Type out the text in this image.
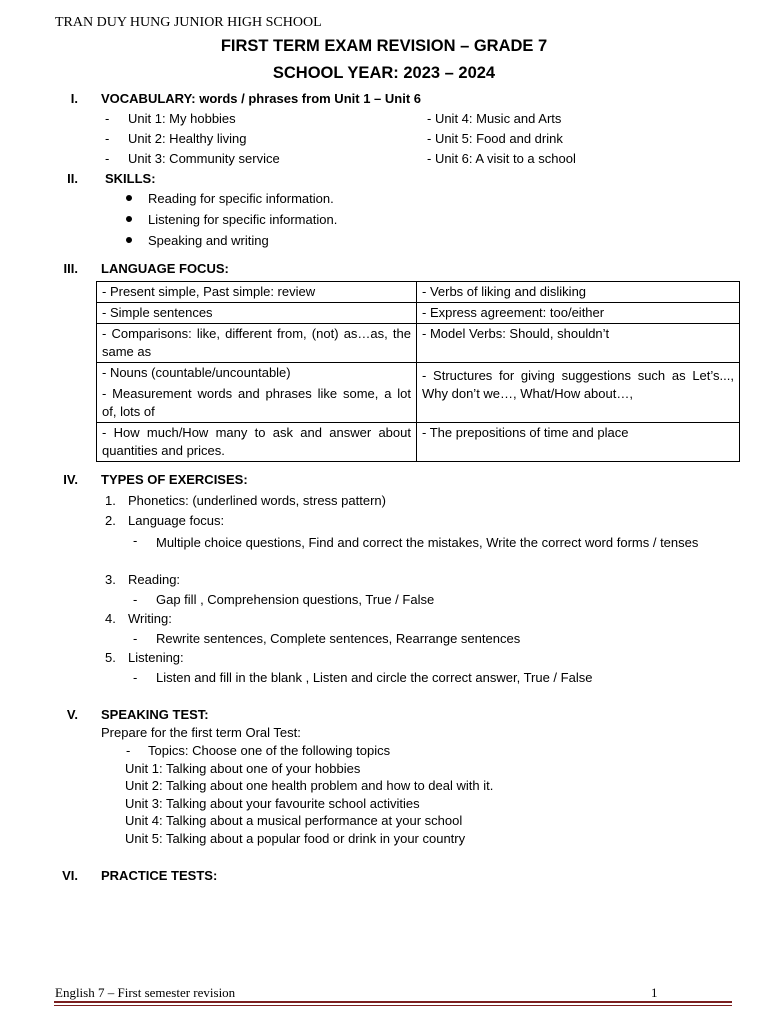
TRAN DUY HUNG JUNIOR HIGH SCHOOL
FIRST TERM EXAM REVISION – GRADE 7
SCHOOL YEAR: 2023 – 2024
I. VOCABULARY: words / phrases from Unit 1 – Unit 6
- Unit 1: My hobbies
- Unit 2: Healthy living
- Unit 3: Community service
- Unit 4: Music and Arts
- Unit 5: Food and drink
- Unit 6: A visit to a school
II. SKILLS:
Reading for specific information.
Listening for specific information.
Speaking and writing
III. LANGUAGE FOCUS:
- Present simple, Past simple: review	- Verbs of liking and disliking

- Simple sentences	- Express agreement: too/either

- Comparisons: like, different from, (not) as…as, the same as	- Model Verbs: Should, shouldn’t

- Nouns (countable/uncountable)
- Measurement words and phrases like some, a lot of, lots of	- Structures for giving suggestions such as Let’s..., Why don’t we…, What/How about…,

- How much/How many to ask and answer about quantities and prices.	- The prepositions of time and place
IV. TYPES OF EXERCISES:
1. Phonetics: (underlined words, stress pattern)
2. Language focus:
- Multiple choice questions, Find and correct the mistakes, Write the correct word forms / tenses
3. Reading:
- Gap fill , Comprehension questions, True / False
4. Writing:
- Rewrite sentences, Complete sentences, Rearrange sentences
5. Listening:
- Listen and fill in the blank , Listen and circle the correct answer, True / False
V. SPEAKING TEST:
Prepare for the first term Oral Test:
- Topics: Choose one of the following topics
Unit 1: Talking about one of your hobbies
Unit 2: Talking about one health problem and how to deal with it.
Unit 3: Talking about your favourite school activities
Unit 4: Talking about a musical performance at your school
Unit 5: Talking about a popular food or drink in your country
VI. PRACTICE TESTS:
English 7 – First semester revision	1
